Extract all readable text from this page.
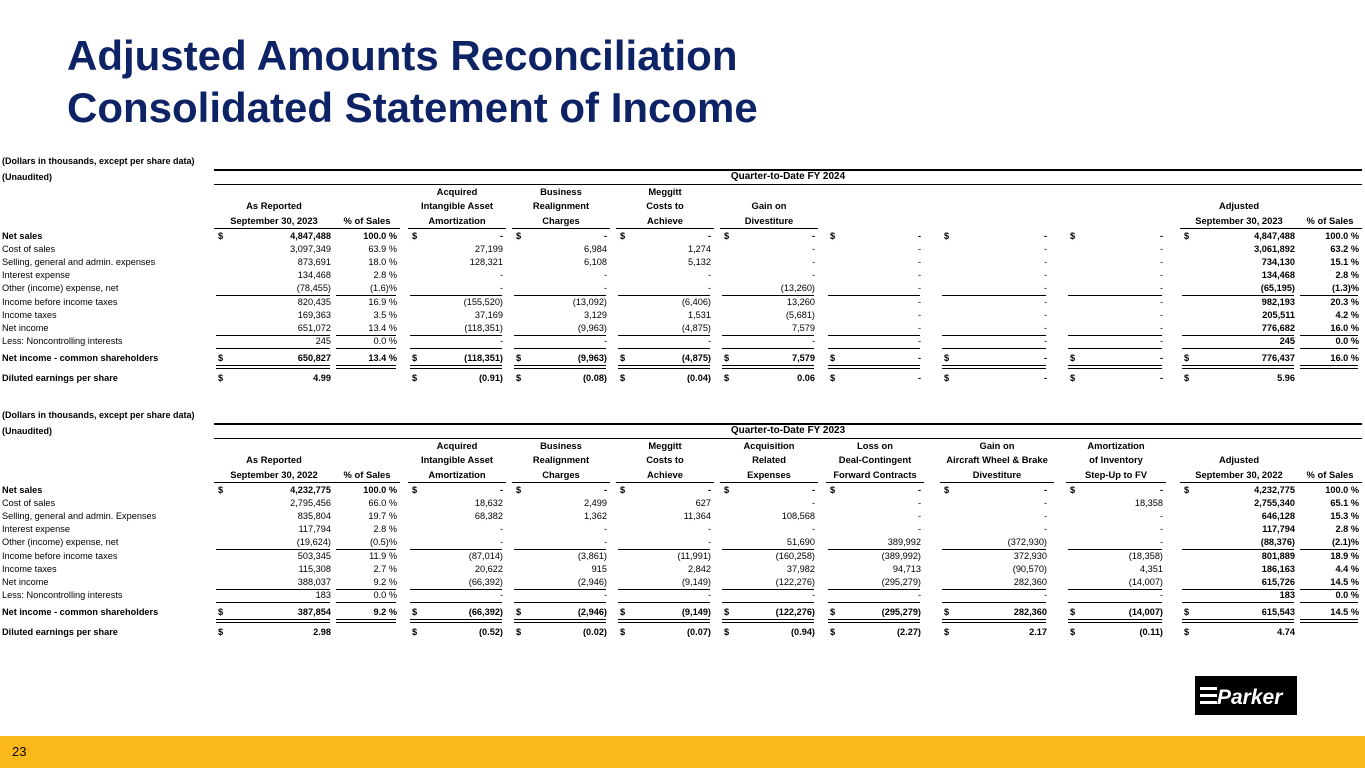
Adjusted Amounts Reconciliation
Consolidated Statement of Income
(Dollars in thousands, except per share data)
(Unaudited)	Quarter-to-Date FY 2024
As Reported
September 30, 2023	% of Sales
Acquired
Intangible Asset
Amortization
Business
Realignment
Charges
Meggitt
Costs to
Achieve
Gain on
Divestiture
Adjusted
September 30, 2023	% of Sales
Net sales	$	4,847,488	100.0 % $	- $	- $	- $	- $	-	$	-	$	- $	4,847,488	100.0 %
Cost of sales	3,097,349	63.9 %	27,199	6,984	1,274	-	-	-	-	3,061,892	63.2 %
Selling, general and admin. expenses	873,691	18.0 %	128,321	6,108	5,132	-	-	-	-	734,130	15.1 %
Interest expense	134,468	2.8 %	-	-	-	-	-	-	-	134,468	2.8 %
Other (income) expense, net	(78,455)	(1.6)%	-	-	-	(13,260)	-	-	-	(65,195)	(1.3)%
Income before income taxes	820,435	16.9 %	(155,520)	(13,092)	(6,406)	13,260	-	-	-	982,193	20.3 %
Income taxes	169,363	3.5 %	37,169	3,129	1,531	(5,681)	-	-	-	205,511	4.2 %
Net income	651,072	13.4 %	(118,351)	(9,963)	(4,875)	7,579	-	-	-	776,682	16.0 %
Less: Noncontrolling interests	245	0.0 %	-	-	-	-	-	-	-	245	0.0 %
Net income - common shareholders	$	650,827	13.4 % $	(118,351) $	(9,963) $	(4,875) $	7,579 $	-	$	-	$	- $	776,437	16.0 %
Diluted earnings per share	$	4.99	$	(0.91) $	(0.08) $	(0.04) $	0.06 $	-	$	-	$	- $	5.96
(Dollars in thousands, except per share data)
(Unaudited)	Quarter-to-Date FY 2023
As Reported
September 30, 2022	% of Sales
Acquired
Intangible Asset
Amortization
Business
Realignment
Charges
Meggitt
Costs to
Achieve
Acquisition
Related
Expenses
Loss on
Deal-Contingent
Forward Contracts
Gain on
Aircraft Wheel & Brake
Divestiture
Amortization
of Inventory
Step-Up to FV
Adjusted
September 30, 2022	% of Sales
Net sales	$	4,232,775	100.0 % $	- $	- $	- $	- $	-	$	-	$	- $	4,232,775	100.0 %
Cost of sales	2,795,456	66.0 %	18,632	2,499	627	-	-	-	18,358	2,755,340	65.1 %
Selling, general and admin. Expenses	835,804	19.7 %	68,382	1,362	11,364	108,568	-	-	-	646,128	15.3 %
Interest expense	117,794	2.8 %	-	-	-	-	-	-	-	117,794	2.8 %
Other (income) expense, net	(19,624)	(0.5)%	-	-	-	51,690	389,992	(372,930)	-	(88,376)	(2.1)%
Income before income taxes	503,345	11.9 %	(87,014)	(3,861)	(11,991)	(160,258)	(389,992)	372,930	(18,358)	801,889	18.9 %
Income taxes	115,308	2.7 %	20,622	915	2,842	37,982	94,713	(90,570)	4,351	186,163	4.4 %
Net income	388,037	9.2 %	(66,392)	(2,946)	(9,149)	(122,276)	(295,279)	282,360	(14,007)	615,726	14.5 %
Less: Noncontrolling interests	183	0.0 %	-	-	-	-	-	-	-	183	0.0 %
Net income - common shareholders	$	387,854	9.2 % $	(66,392) $	(2,946) $	(9,149) $	(122,276) $	(295,279)	$	282,360	$	(14,007) $	615,543	14.5 %
Diluted earnings per share	$	2.98	$	(0.52) $	(0.02) $	(0.07) $	(0.94) $	(2.27)	$	2.17	$	(0.11) $	4.74
Parker
23
